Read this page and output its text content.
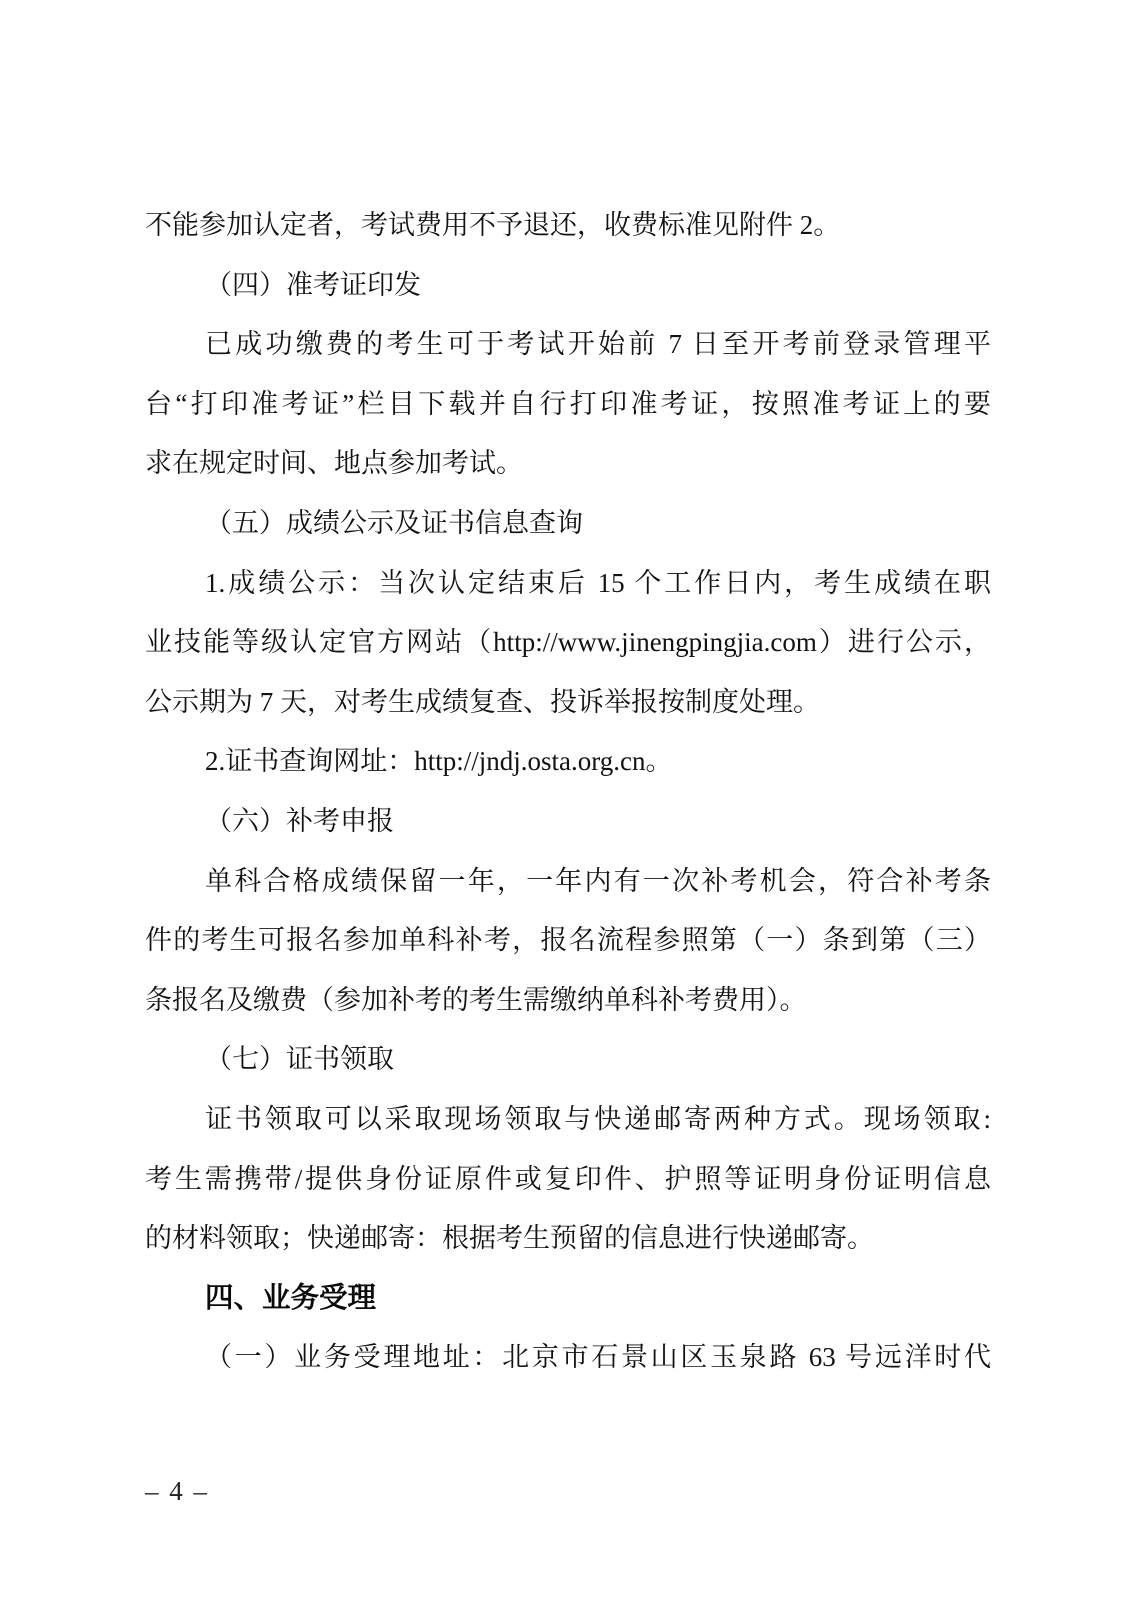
不能参加认定者，考试费用不予退还，收费标准见附件 2。
（四）准考证印发
已成功缴费的考生可于考试开始前 7 日至开考前登录管理平
台“打印准考证”栏目下载并自行打印准考证，按照准考证上的要
求在规定时间、地点参加考试。
（五）成绩公示及证书信息查询
1.成绩公示：当次认定结束后 15 个工作日内，考生成绩在职
业技能等级认定官方网站（http://www.jinengpingjia.com）进行公示，
公示期为 7 天，对考生成绩复查、投诉举报按制度处理。
2.证书查询网址：http://jndj.osta.org.cn。
（六）补考申报
单科合格成绩保留一年，一年内有一次补考机会，符合补考条
件的考生可报名参加单科补考，报名流程参照第（一）条到第（三）
条报名及缴费（参加补考的考生需缴纳单科补考费用）。
（七）证书领取
证书领取可以采取现场领取与快递邮寄两种方式。现场领取:
考生需携带/提供身份证原件或复印件、护照等证明身份证明信息
的材料领取；快递邮寄：根据考生预留的信息进行快递邮寄。
四、业务受理
（一）业务受理地址：北京市石景山区玉泉路 63 号远洋时代
– 4 –
